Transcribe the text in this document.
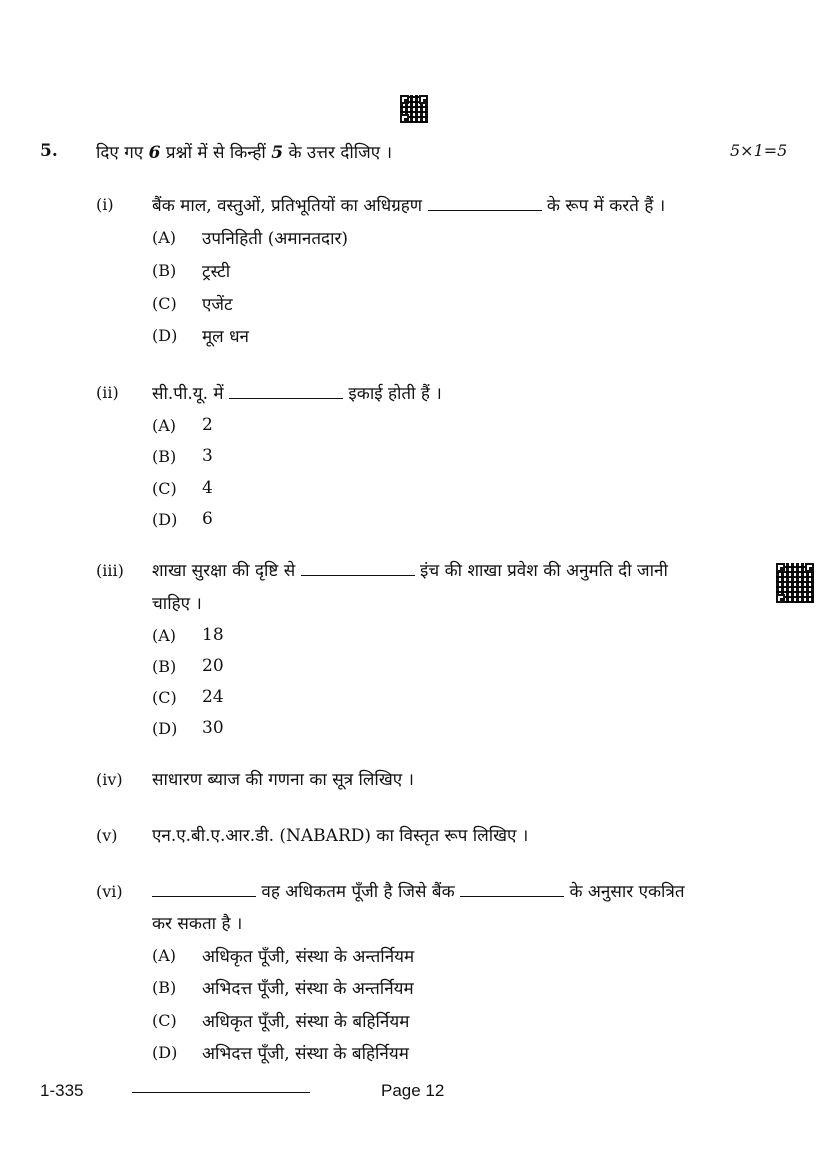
5. दिए गए 6 प्रश्नों में से किन्हीं 5 के उत्तर दीजिए ।	5×1=5
(i) बैंक माल, वस्तुओं, प्रतिभूतियों का अधिग्रहण	के रूप में करते हैं ।
(A) उपनिहिती (अमानतदार)
(B) ट्रस्टी
(C) एजेंट
(D) मूल धन
(ii) सी.पी.यू. में	इकाई होती हैं ।
(A) 2
(B) 3
(C) 4
(D) 6
(iii) शाखा सुरक्षा की दृष्टि से	इंच की शाखा प्रवेश की अनुमति दी जानी
चाहिए ।
(A) 18
(B) 20
(C) 24
(D) 30
(iv) साधारण ब्याज की गणना का सूत्र लिखिए ।
(v) एन.ए.बी.ए.आर.डी. (NABARD) का विस्तृत रूप लिखिए ।
(vi)	वह अधिकतम पूँजी है जिसे बैंक	के अनुसार एकत्रित
कर सकता है ।
(A) अधिकृत पूँजी, संस्था के अन्तर्नियम
(B) अभिदत्त पूँजी, संस्था के अन्तर्नियम
(C) अधिकृत पूँजी, संस्था के बहिर्नियम
(D) अभिदत्त पूँजी, संस्था के बहिर्नियम
1-335	Page 12
